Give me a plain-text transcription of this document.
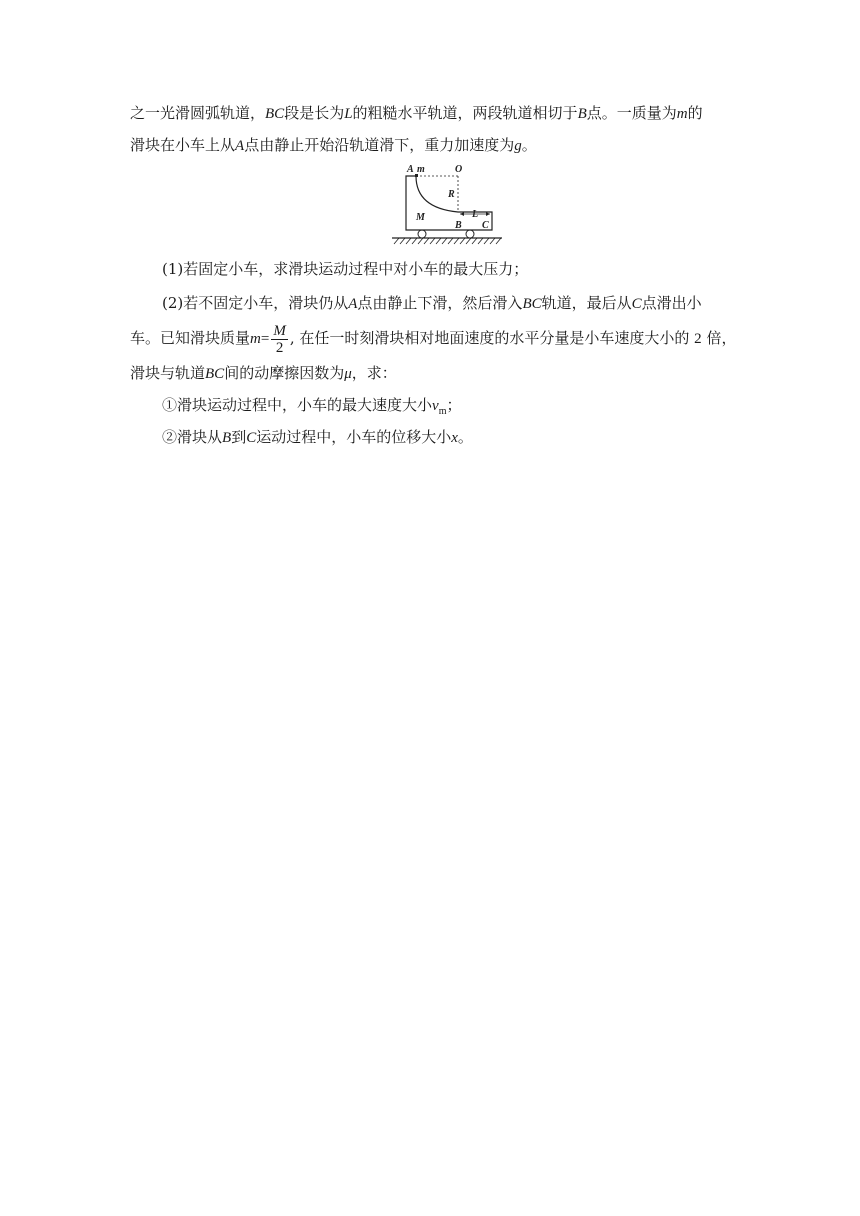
之一光滑圆弧轨道，BC段是长为L的粗糙水平轨道，两段轨道相切于B点。一质量为m的
滑块在小车上从A点由静止开始沿轨道滑下，重力加速度为g。
A m	O
R
M	L
B C
(1)若固定小车，求滑块运动过程中对小车的最大压力；
(2)若不固定小车，滑块仍从A点由静止下滑，然后滑入BC轨道，最后从C点滑出小
车。已知滑块质量$m= \frac{M}{2}$ , 在任一时刻滑块相对地面速度的水平分量是小车速度大小的 2 倍，
滑块与轨道BC间的动摩擦因数为μ，求：
①滑块运动过程中，小车的最大速度大小$v_m$；
②滑块从B到C运动过程中，小车的位移大小x。
